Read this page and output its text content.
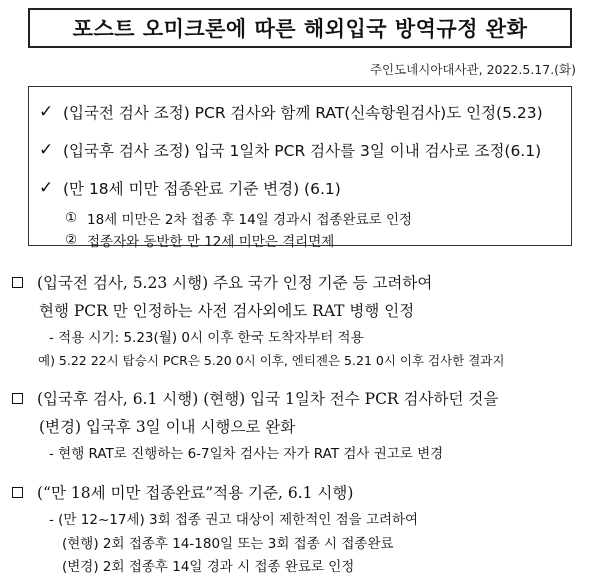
포스트 오미크론에 따른 해외입국 방역규정 완화
주인도네시아대사관, 2022.5.17.(화)
✓ (입국전 검사 조정) PCR 검사와 함께 RAT(신속항원검사)도 인정(5.23)
✓ (입국후 검사 조정) 입국 1일차 PCR 검사를 3일 이내 검사로 조정(6.1)
✓ (만 18세 미만 접종완료 기준 변경) (6.1)
① 18세 미만은 2차 접종 후 14일 경과시 접종완료로 인정
② 접종자와 동반한 만 12세 미만은 격리면제
(입국전 검사, 5.23 시행) 주요 국가 인정 기준 등 고려하여
현행 PCR 만 인정하는 사전 검사외에도 RAT 병행 인정
- 적용 시기: 5.23(월) 0시 이후 한국 도착자부터 적용
예) 5.22 22시 탑승시 PCR은 5.20 0시 이후, 엔티젠은 5.21 0시 이후 검사한 결과지
(입국후 검사, 6.1 시행) (현행) 입국 1일차 전수 PCR 검사하던 것을
(변경) 입국후 3일 이내 시행으로 완화
- 현행 RAT로 진행하는 6-7일차 검사는 자가 RAT 검사 권고로 변경
(“만 18세 미만 접종완료”적용 기준, 6.1 시행)
- (만 12~17세) 3회 접종 권고 대상이 제한적인 점을 고려하여
(현행) 2회 접종후 14-180일 또는 3회 접종 시 접종완료
(변경) 2회 접종후 14일 경과 시 접종 완료로 인정
